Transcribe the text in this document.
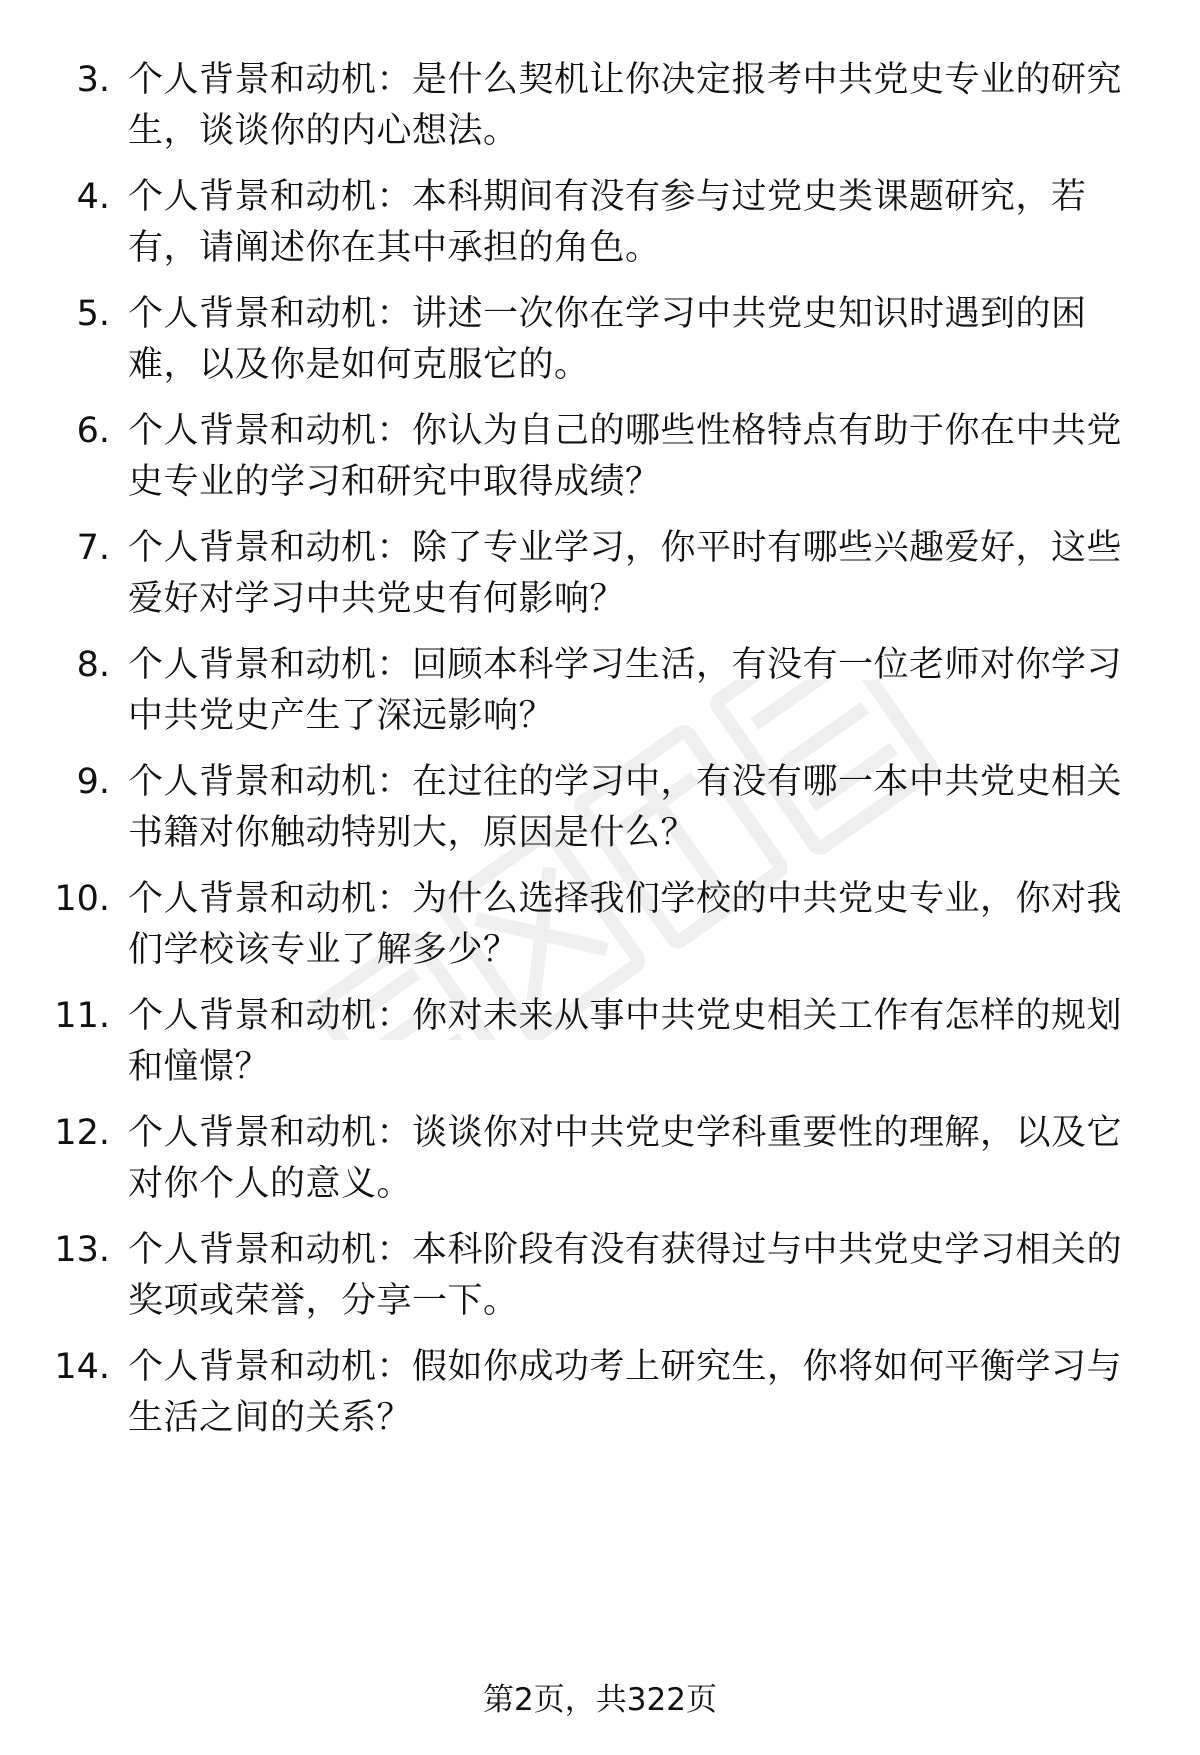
3. 个人背景和动机：是什么契机让你决定报考中共党史专业的研究生，谈谈你的内心想法。
4. 个人背景和动机：本科期间有没有参与过党史类课题研究，若有，请阐述你在其中承担的角色。
5. 个人背景和动机：讲述一次你在学习中共党史知识时遇到的困难，以及你是如何克服它的。
6. 个人背景和动机：你认为自己的哪些性格特点有助于你在中共党史专业的学习和研究中取得成绩？
7. 个人背景和动机：除了专业学习，你平时有哪些兴趣爱好，这些爱好对学习中共党史有何影响？
8. 个人背景和动机：回顾本科学习生活，有没有一位老师对你学习中共党史产生了深远影响？
9. 个人背景和动机：在过往的学习中，有没有哪一本中共党史相关书籍对你触动特别大，原因是什么？
10. 个人背景和动机：为什么选择我们学校的中共党史专业，你对我们学校该专业了解多少？
11. 个人背景和动机：你对未来从事中共党史相关工作有怎样的规划和憧憬？
12. 个人背景和动机：谈谈你对中共党史学科重要性的理解，以及它对你个人的意义。
13. 个人背景和动机：本科阶段有没有获得过与中共党史学习相关的奖项或荣誉，分享一下。
14. 个人背景和动机：假如你成功考上研究生，你将如何平衡学习与生活之间的关系？
第2页，共322页
